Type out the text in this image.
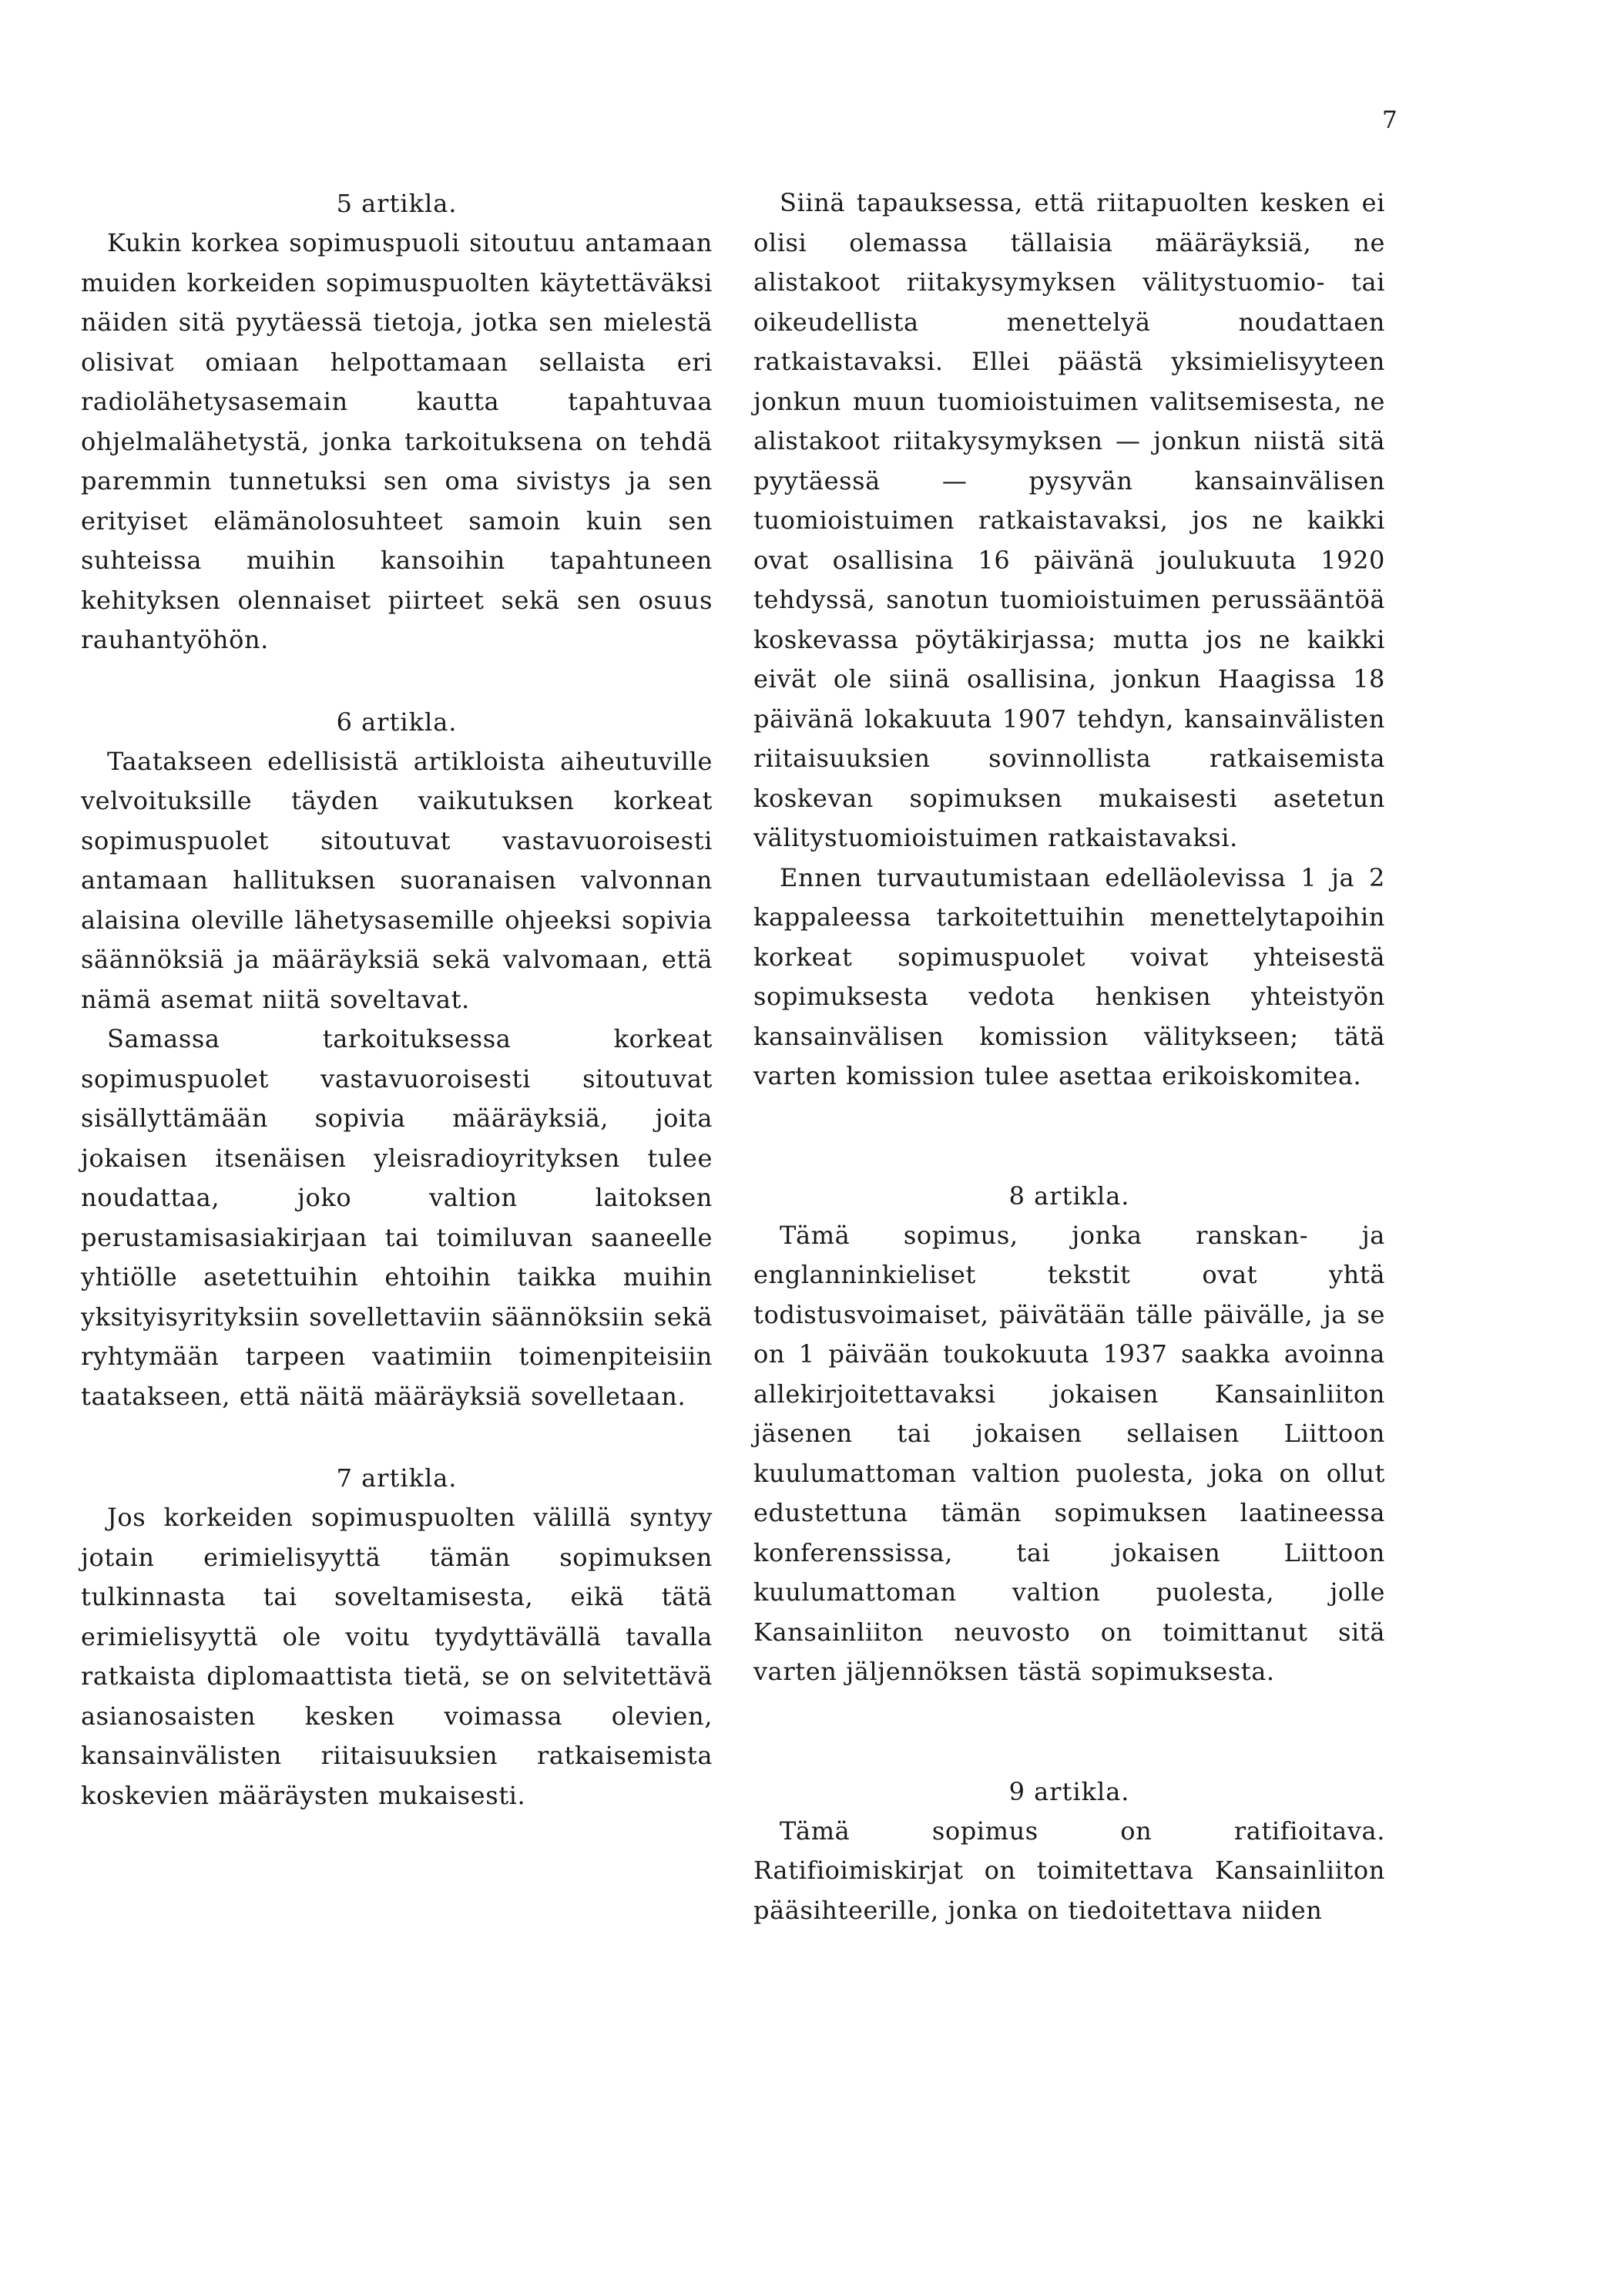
7
5 artikla.

Kukin korkea sopimuspuoli sitoutuu antamaan muiden korkeiden sopimuspuolten käytettäväksi näiden sitä pyytäessä tietoja, jotka sen mielestä olisivat omiaan helpottamaan sellaista eri radiolähetysasemain kautta tapahtuvaa ohjelmalähetystä, jonka tarkoituksena on tehdä paremmin tunnetuksi sen oma sivistys ja sen erityiset elämänolosuhteet samoin kuin sen suhteissa muihin kansoihin tapahtuneen kehityksen olennaiset piirteet sekä sen osuus rauhantyöhön.

6 artikla.

Taatakseen edellisistä artikloista aiheutuville velvoituksille täyden vaikutuksen korkeat sopimuspuolet sitoutuvat vastavuoroisesti antamaan hallituksen suoranaisen valvonnan alaisina oleville lähetysasemille ohjeeksi sopivia säännöksiä ja määräyksiä sekä valvomaan, että nämä asemat niitä soveltavat.

Samassa tarkoituksessa korkeat sopimuspuolet vastavuoroisesti sitoutuvat sisällyttämään sopivia määräyksiä, joita jokaisen itsenäisen yleisradioyrityksen tulee noudattaa, joko valtion laitoksen perustamisasiakirjaan tai toimiluvan saaneelle yhtiölle asetettuihin ehtoihin taikka muihin yksityisyrityksiin sovellettaviin säännöksiin sekä ryhtymään tarpeen vaatimiin toimenpiteisiin taatakseen, että näitä määräyksiä sovelletaan.

7 artikla.

Jos korkeiden sopimuspuolten välillä syntyy jotain erimielisyyttä tämän sopimuksen tulkinnasta tai soveltamisesta, eikä tätä erimielisyyttä ole voitu tyydyttävällä tavalla ratkaista diplomaattista tietä, se on selvitettävä asianosaisten kesken voimassa olevien, kansainvälisten riitaisuuksien ratkaisemista koskevien määräysten mukaisesti.

Siinä tapauksessa, että riitapuolten kesken ei olisi olemassa tällaisia määräyksiä, ne alistakoot riitakysymyksen välitystuomio- tai oikeudellista menettelyä noudattaen ratkaistavaksi. Ellei päästä yksimielisyyteen jonkun muun tuomioistuimen valitsemisesta, ne alistakoot riitakysymyksen — jonkun niistä sitä pyytäessä — pysyvän kansainvälisen tuomioistuimen ratkaistavaksi, jos ne kaikki ovat osallisina 16 päivänä joulukuuta 1920 tehdyssä, sanotun tuomioistuimen perussääntöä koskevassa pöytäkirjassa; mutta jos ne kaikki eivät ole siinä osallisina, jonkun Haagissa 18 päivänä lokakuuta 1907 tehdyn, kansainvälisten riitaisuuksien sovinnollista ratkaisemista koskevan sopimuksen mukaisesti asetetun välitystuomioistuimen ratkaistavaksi.

Ennen turvautumistaan edelläolevissa 1 ja 2 kappaleessa tarkoitettuihin menettelytapoihin korkeat sopimuspuolet voivat yhteisestä sopimuksesta vedota henkisen yhteistyön kansainvälisen komission välitykseen; tätä varten komission tulee asettaa erikoiskomitea.

8 artikla.

Tämä sopimus, jonka ranskan- ja englanninkieliset tekstit ovat yhtä todistusvoimaiset, päivätään tälle päivälle, ja se on 1 päivään toukokuuta 1937 saakka avoinna allekirjoitettavaksi jokaisen Kansainliiton jäsenen tai jokaisen sellaisen Liittoon kuulumattoman valtion puolesta, joka on ollut edustettuna tämän sopimuksen laatineessa konferenssissa, tai jokaisen Liittoon kuulumattoman valtion puolesta, jolle Kansainliiton neuvosto on toimittanut sitä varten jäljennöksen tästä sopimuksesta.

9 artikla.

Tämä sopimus on ratifioitava. Ratifioimiskirjat on toimitettava Kansainliiton pääsihteerille, jonka on tiedoitettava niiden
